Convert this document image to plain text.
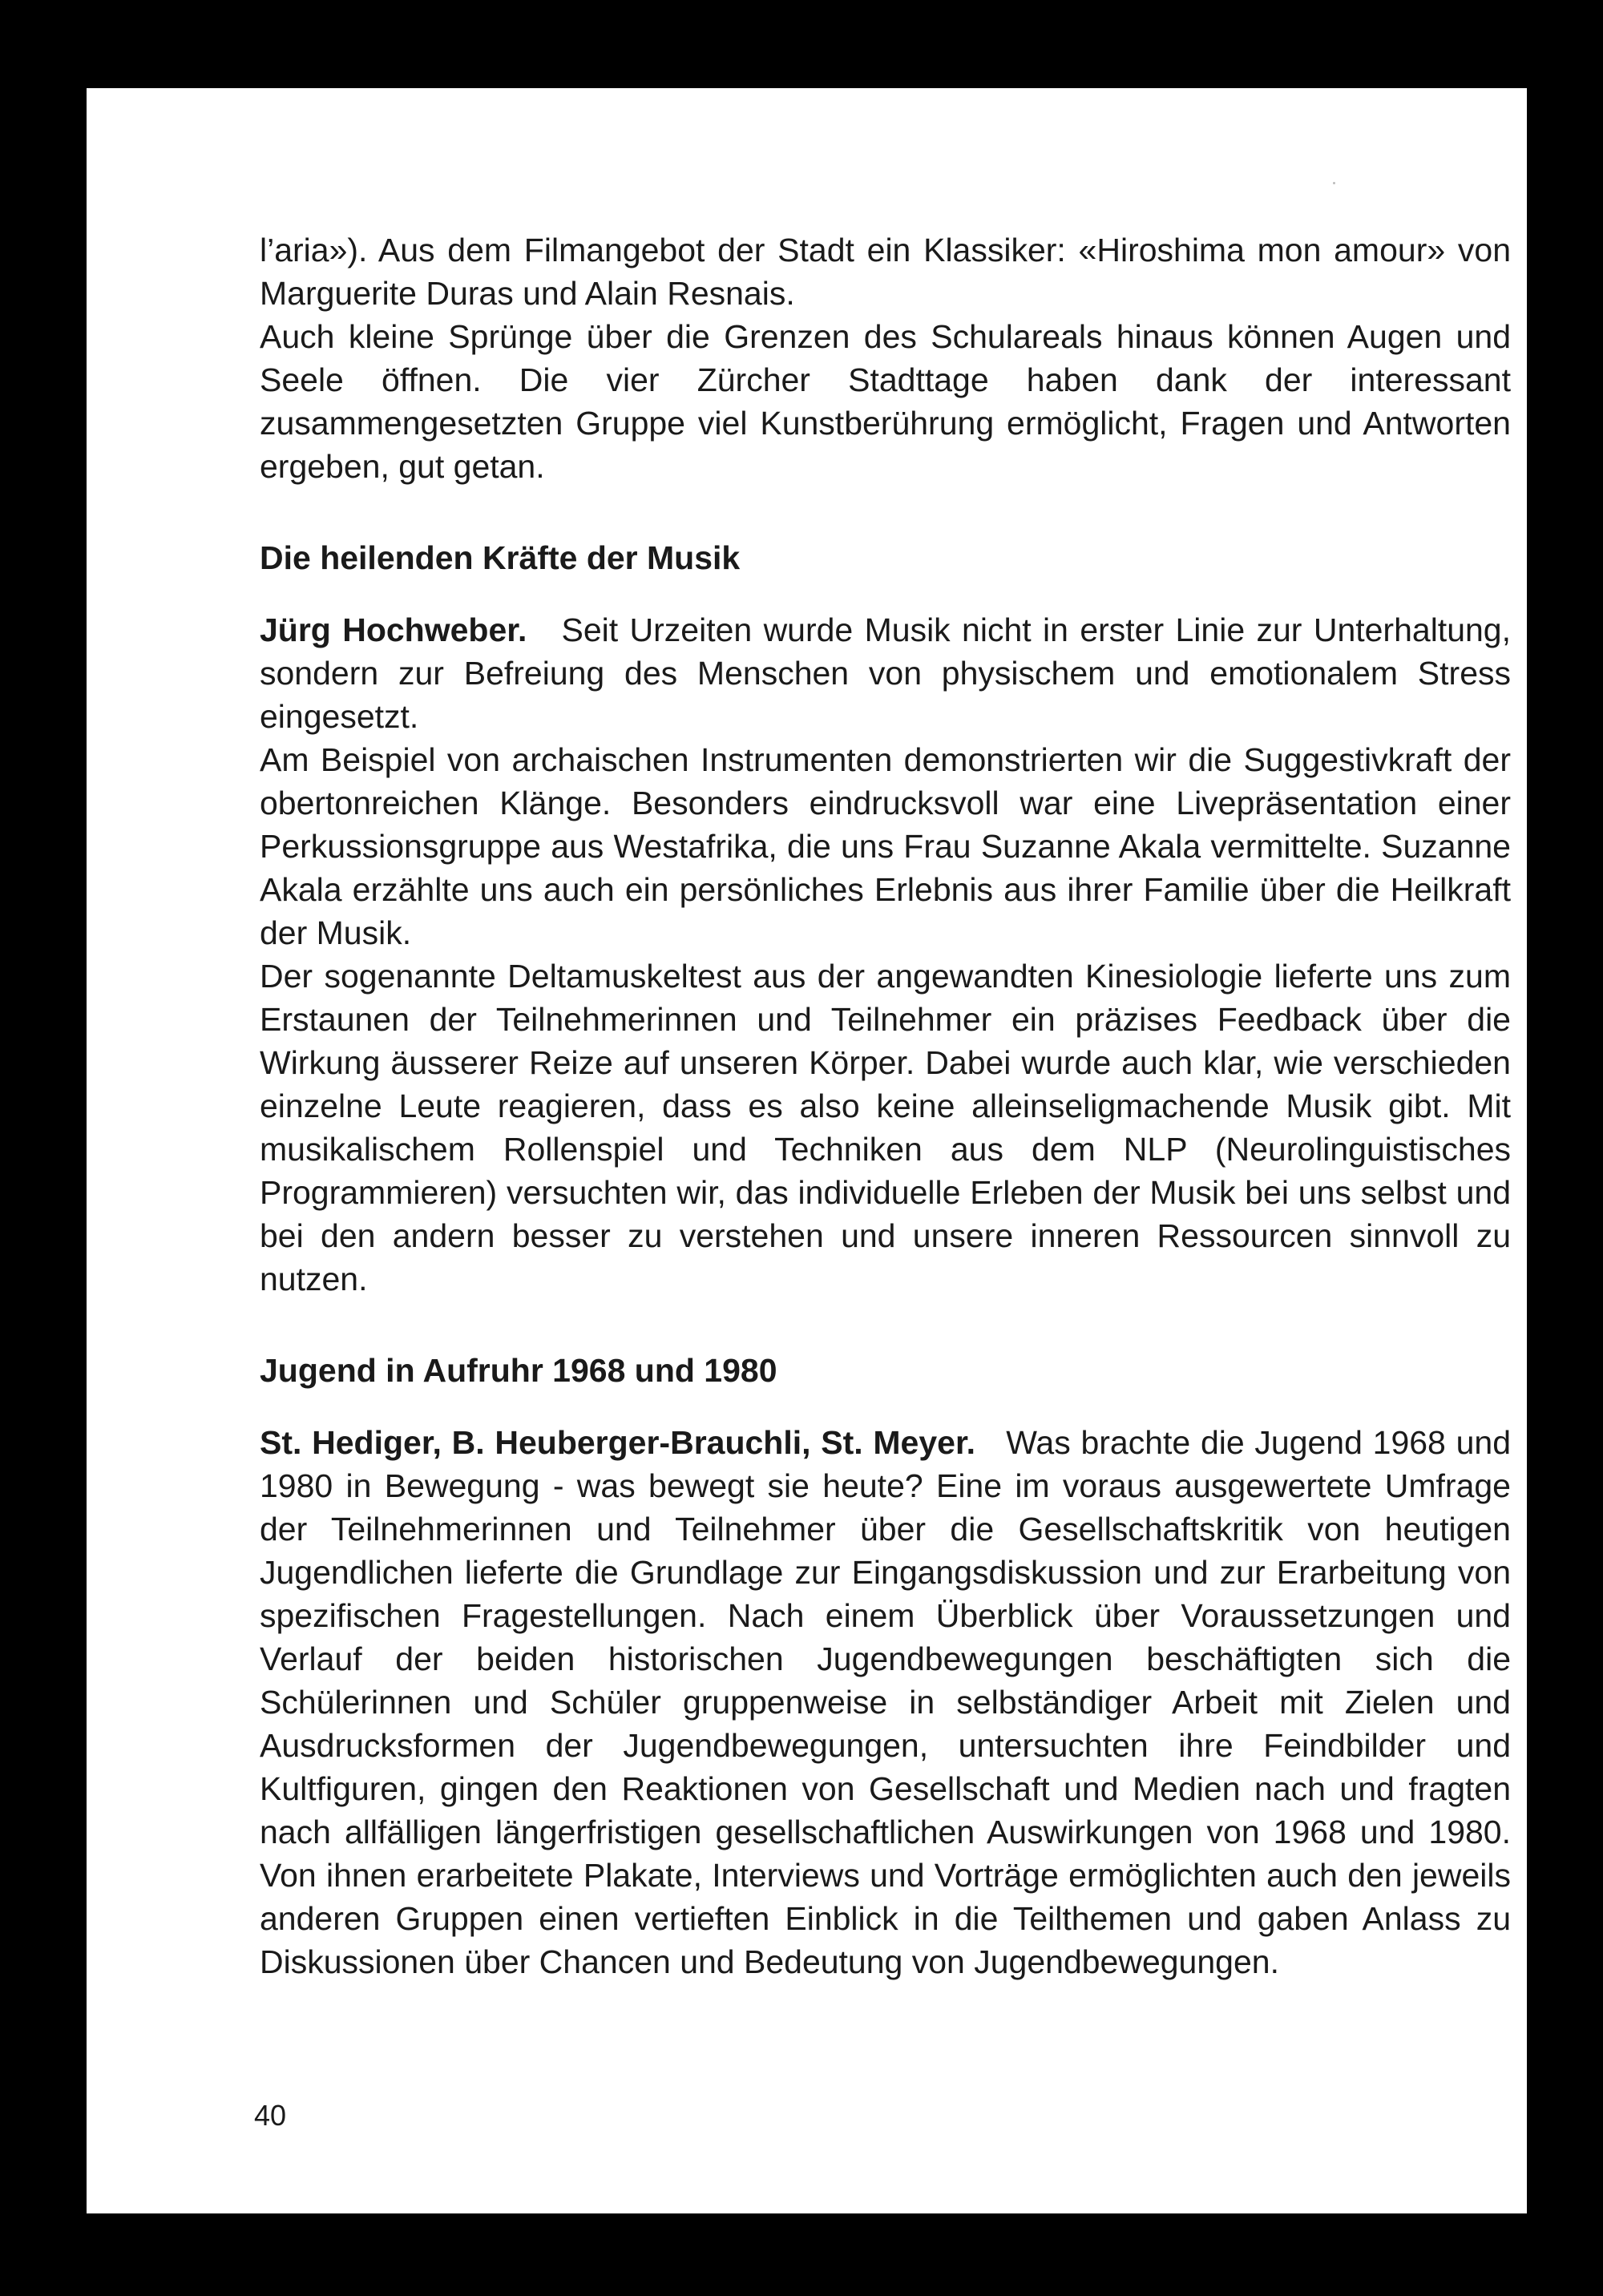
l’aria»). Aus dem Filmangebot der Stadt ein Klassiker: «Hiroshima mon amour» von Marguerite Duras und Alain Resnais.

Auch kleine Sprünge über die Grenzen des Schulareals hinaus können Augen und Seele öffnen. Die vier Zürcher Stadttage haben dank der interessant zusammengesetzten Gruppe viel Kunstberührung ermöglicht, Fragen und Antworten ergeben, gut getan.

Die heilenden Kräfte der Musik

Jürg Hochweber. Seit Urzeiten wurde Musik nicht in erster Linie zur Unterhaltung, sondern zur Befreiung des Menschen von physischem und emotionalem Stress eingesetzt.

Am Beispiel von archaischen Instrumenten demonstrierten wir die Suggestivkraft der obertonreichen Klänge. Besonders eindrucksvoll war eine Livepräsentation einer Perkussionsgruppe aus Westafrika, die uns Frau Suzanne Akala vermittelte. Suzanne Akala erzählte uns auch ein persönliches Erlebnis aus ihrer Familie über die Heilkraft der Musik.

Der sogenannte Deltamuskeltest aus der angewandten Kinesiologie lieferte uns zum Erstaunen der Teilnehmerinnen und Teilnehmer ein präzises Feedback über die Wirkung äusserer Reize auf unseren Körper. Dabei wurde auch klar, wie verschieden einzelne Leute reagieren, dass es also keine alleinseligmachende Musik gibt. Mit musikalischem Rollenspiel und Techniken aus dem NLP (Neurolinguistisches Programmieren) versuchten wir, das individuelle Erleben der Musik bei uns selbst und bei den andern besser zu verstehen und unsere inneren Ressourcen sinnvoll zu nutzen.

Jugend in Aufruhr 1968 und 1980

St. Hediger, B. Heuberger-Brauchli, St. Meyer. Was brachte die Jugend 1968 und 1980 in Bewegung - was bewegt sie heute? Eine im voraus ausgewertete Umfrage der Teilnehmerinnen und Teilnehmer über die Gesellschaftskritik von heutigen Jugendlichen lieferte die Grundlage zur Eingangsdiskussion und zur Erarbeitung von spezifischen Fragestellungen. Nach einem Überblick über Voraussetzungen und Verlauf der beiden historischen Jugendbewegungen beschäftigten sich die Schülerinnen und Schüler gruppenweise in selbständiger Arbeit mit Zielen und Ausdrucksformen der Jugendbewegungen, untersuchten ihre Feindbilder und Kultfiguren, gingen den Reaktionen von Gesellschaft und Medien nach und fragten nach allfälligen längerfristigen gesellschaftlichen Auswirkungen von 1968 und 1980. Von ihnen erarbeitete Plakate, Interviews und Vorträge ermöglichten auch den jeweils anderen Gruppen einen vertieften Einblick in die Teilthemen und gaben Anlass zu Diskussionen über Chancen und Bedeutung von Jugendbewegungen.

40
